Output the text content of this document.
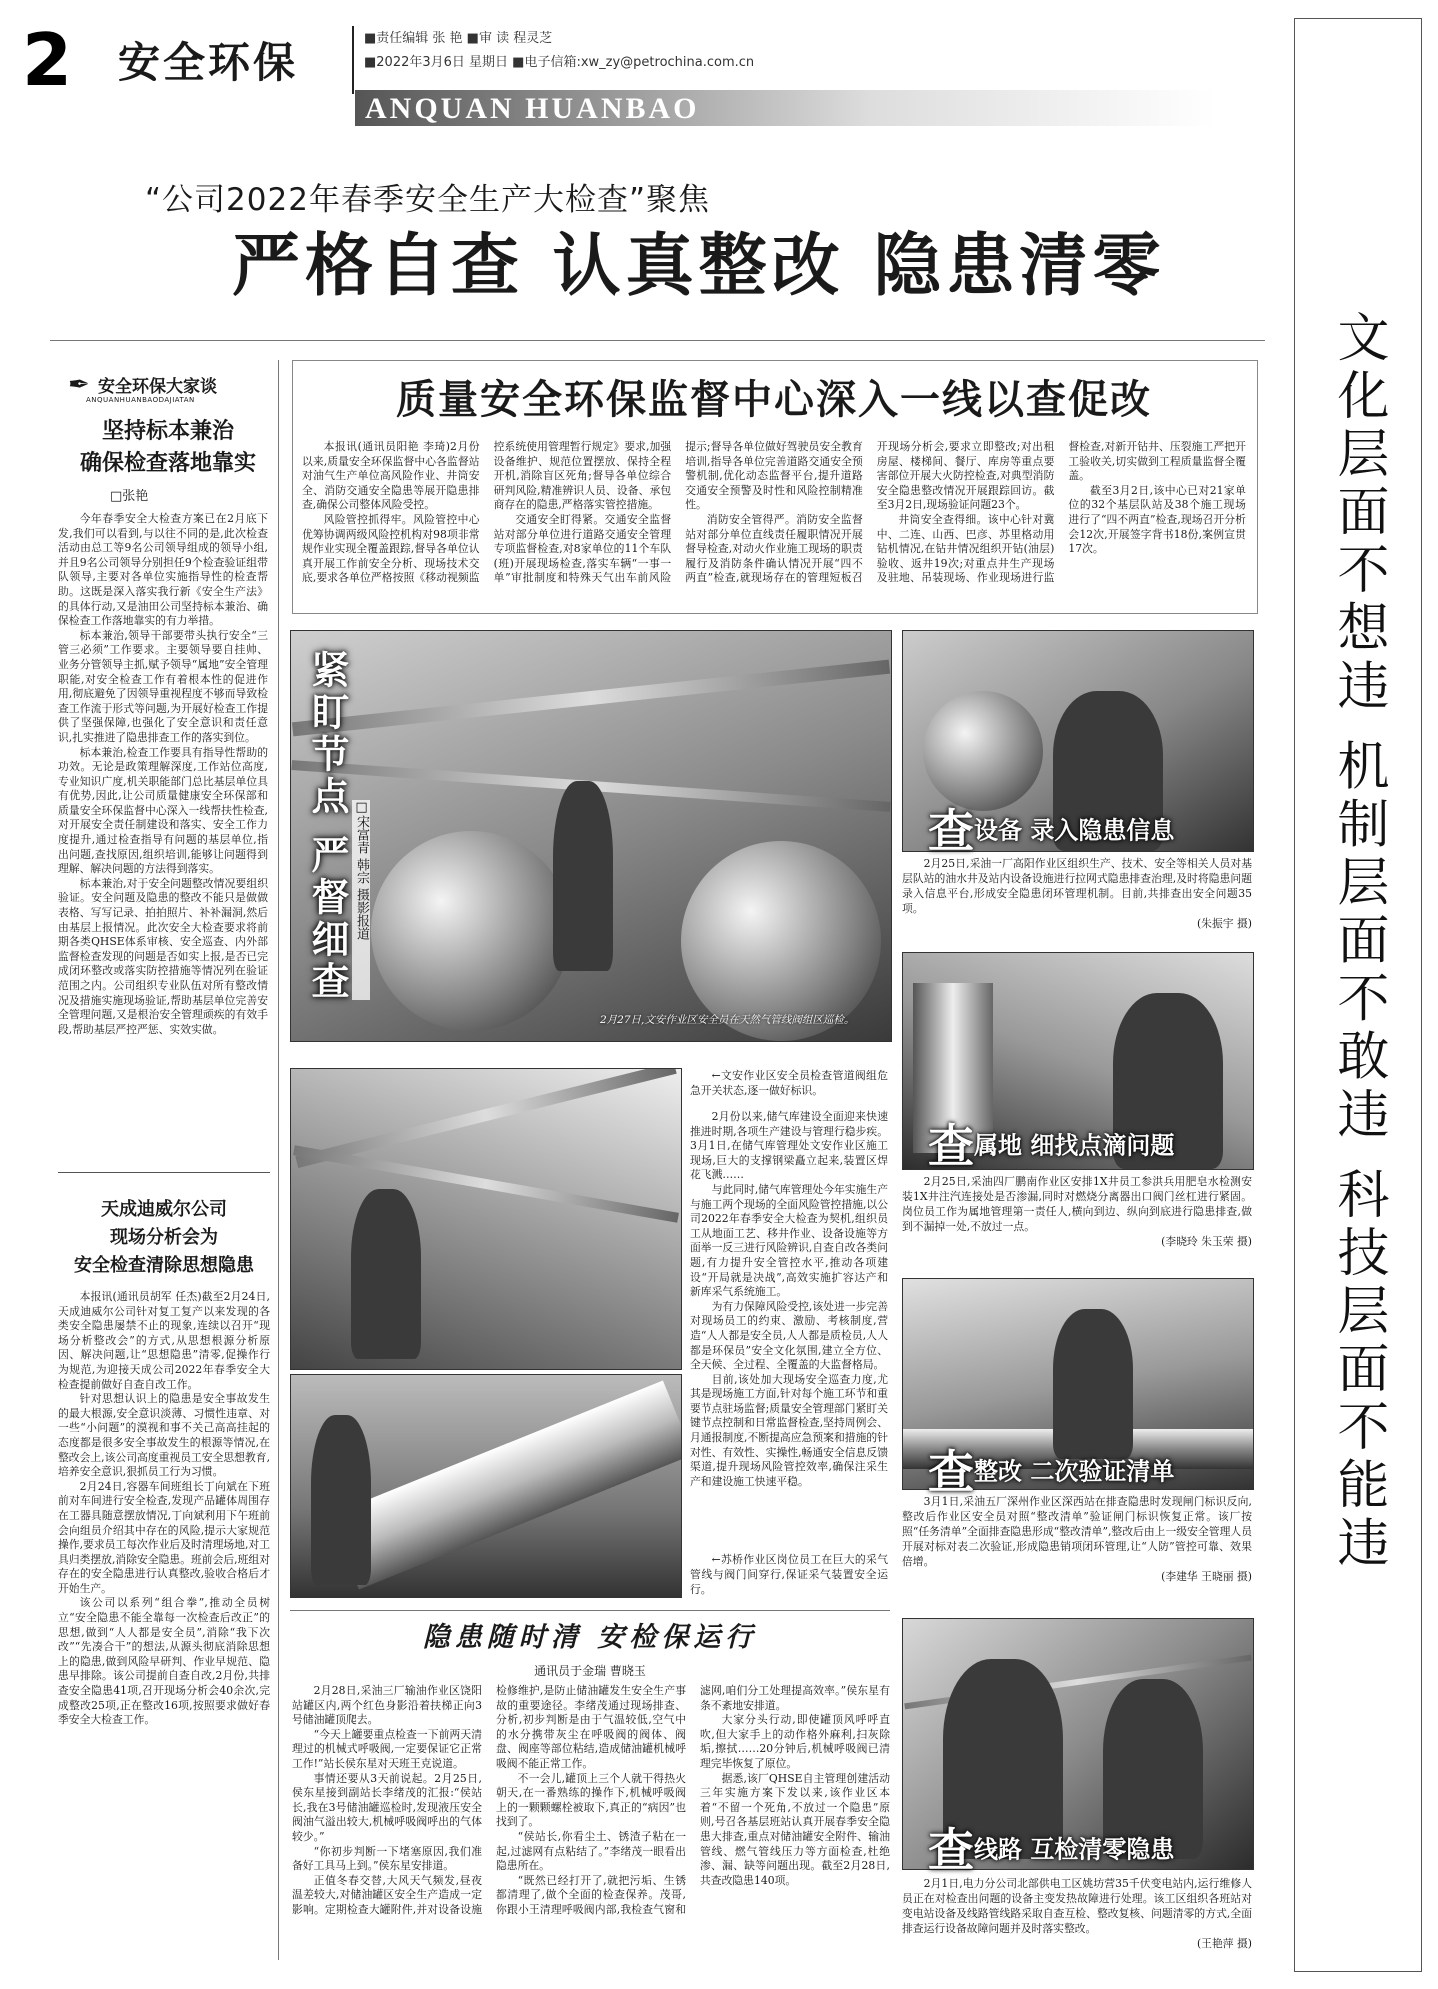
2 安全环保	■责任编辑 张 艳 ■审 读 程灵芝
■2022年3月6日 星期日 ■电子信箱:xw_zy@petrochina.com.cn
ANQUAN HUANBAO
文化层面不想违 机制层面不敢违 科技层面不能违
“公司2022年春季安全生产大检查”聚焦
严格自查 认真整改 隐患清零
✒ 安全环保大家谈
ANQUANHUANBAODAJIATAN
坚持标本兼治
确保检查落地靠实
□张艳

今年春季安全大检查方案已在2月底下发,我们可以看到,与以往不同的是,此次检查活动由总工等9名公司领导组成的领导小组,并且9名公司领导分别担任9个检查验证组带队领导,主要对各单位实施指导性的检查帮助。这既是深入落实我行新《安全生产法》的具体行动,又是油田公司坚持标本兼治、确保检查工作落地靠实的有力举措。

标本兼治,领导干部要带头执行安全“三管三必须”工作要求。主要领导要自挂帅、业务分管领导主抓,赋予领导“属地”安全管理职能,对安全检查工作有着根本性的促进作用,彻底避免了因领导重视程度不够而导致检查工作流于形式等问题,为开展好检查工作提供了坚强保障,也强化了安全意识和责任意识,扎实推进了隐患排查工作的落实到位。

标本兼治,检查工作要具有指导性帮助的功效。无论是政策理解深度,工作站位高度,专业知识广度,机关职能部门总比基层单位具有优势,因此,让公司质量健康安全环保部和质量安全环保监督中心深入一线帮扶性检查,对开展安全责任制建设和落实、安全工作力度提升,通过检查指导有问题的基层单位,指出问题,查找原因,组织培训,能够让问题得到理解、解决问题的方法得到落实。

标本兼治,对于安全问题整改情况要组织验证。安全问题及隐患的整改不能只是做做表格、写写记录、拍拍照片、补补漏洞,然后由基层上报情况。此次安全大检查要求将前期各类QHSE体系审核、安全巡查、内外部监督检查发现的问题是否如实上报,是否已完成闭环整改或落实防控措施等情况列在验证范围之内。公司组织专业队伍对所有整改情况及措施实施现场验证,帮助基层单位完善安全管理问题,又是根治安全管理顽疾的有效手段,帮助基层严控严惩、实效实做。

天成迪威尔公司
现场分析会为
安全检查清除思想隐患

本报讯(通讯员胡军 任杰)截至2月24日,天成迪威尔公司针对复工复产以来发现的各类安全隐患屡禁不止的现象,连续以召开“现场分析整改会”的方式,从思想根源分析原因、解决问题,让“思想隐患”清零,促操作行为规范,为迎接天成公司2022年春季安全大检查提前做好自查自改工作。

针对思想认识上的隐患是安全事故发生的最大根源,安全意识淡薄、习惯性违章、对一些“小问题”的漠视和事不关己高高挂起的态度都是很多安全事故发生的根源等情况,在整改会上,该公司高度重视员工安全思想教育,培养安全意识,狠抓员工行为习惯。

2月24日,容器车间班组长丁向斌在下班前对车间进行安全检查,发现产品罐体周围存在工器具随意摆放情况,丁向斌利用下午班前会向组员介绍其中存在的风险,提示大家规范操作,要求员工每次作业后及时清理场地,对工具归类摆放,消除安全隐患。班前会后,班组对存在的安全隐患进行认真整改,验收合格后才开始生产。

该公司以系列“组合拳”,推动全员树立“安全隐患不能全靠每一次检查后改正”的思想,做到“人人都是安全员”,消除“我下次改”“先凑合干”的想法,从源头彻底消除思想上的隐患,做到风险早研判、作业早规范、隐患早排除。该公司提前自查自改,2月份,共排查安全隐患41项,召开现场分析会40余次,完成整改25项,正在整改16项,按照要求做好春季安全大检查工作。

质量安全环保监督中心深入一线以查促改

本报讯(通讯员阳艳 李琦)2月份以来,质量安全环保监督中心各监督站对油气生产单位高风险作业、井筒安全、消防交通安全隐患等展开隐患排查,确保公司整体风险受控。

风险管控抓得牢。风险管控中心优筹协调两级风险控机构对98项非常规作业实现全覆盖跟踪,督导各单位认真开展工作前安全分析、现场技术交底,要求各单位严格按照《移动视频监控系统使用管理暂行规定》要求,加强设备维护、规范位置摆放、保持全程开机,消除盲区死角;督导各单位综合研判风险,精准辨识人员、设备、承包商存在的隐患,严格落实管控措施。

交通安全盯得紧。交通安全监督站对部分单位进行道路交通安全管理专项监督检查,对8家单位的11个车队(班)开展现场检查,落实车辆“一事一单”审批制度和特殊天气出车前风险提示;督导各单位做好驾驶员安全教育培训,指导各单位完善道路交通安全预警机制,优化动态监督平台,提升道路交通安全预警及时性和风险控制精准性。

消防安全管得严。消防安全监督站对部分单位直线责任履职情况开展督导检查,对动火作业施工现场的职责履行及消防条件确认情况开展“四不两直”检查,就现场存在的管理短板召开现场分析会,要求立即整改;对出租房屋、楼梯间、餐厅、库房等重点要害部位开展大火防控检查,对典型消防安全隐患整改情况开展跟踪回访。截至3月2日,现场验证问题23个。

井筒安全查得细。该中心针对冀中、二连、山西、巴彦、苏里格动用钻机情况,在钻井情况组织开钻(油层)验收、返井19次;对重点井生产现场及驻地、吊装现场、作业现场进行监督检查,对新开钻井、压裂施工严把开工验收关,切实做到工程质量监督全覆盖。

截至3月2日,该中心已对21家单位的32个基层队站及38个施工现场进行了“四不两直”检查,现场召开分析会12次,开展签字背书18份,案例宣贯17次。

紧盯节点 严督细查 □宋富青 韩宗 摄影报道
2月27日,文安作业区安全员在天然气管线阀组区巡检。

←文安作业区安全员检查管道阀组危急开关状态,逐一做好标识。

2月份以来,储气库建设全面迎来快速推进时期,各项生产建设与管理行稳步疾。3月1日,在储气库管理处文安作业区施工现场,巨大的支撑钢梁矗立起来,装置区焊花飞溅……

与此同时,储气库管理处今年实施生产与施工两个现场的全面风险管控措施,以公司2022年春季安全大检查为契机,组织员工从地面工艺、移井作业、设备设施等方面举一反三进行风险辨识,自查自改各类问题,有力提升安全管控水平,推动各项建设“开局就是决战”,高效实施扩容达产和新库采气系统施工。

为有力保障风险受控,该处进一步完善对现场员工的约束、激励、考核制度,营造“人人都是安全员,人人都是质检员,人人都是环保员”安全文化氛围,建立全方位、全天候、全过程、全覆盖的大监督格局。

目前,该处加大现场安全巡查力度,尤其是现场施工方面,针对每个施工环节和重要节点驻场监督;质量安全管理部门紧盯关键节点控制和日常监督检查,坚持周例会、月通报制度,不断提高应急预案和措施的针对性、有效性、实操性,畅通安全信息反馈渠道,提升现场风险管控效率,确保注采生产和建设施工快速平稳。

←苏桥作业区岗位员工在巨大的采气管线与阀门间穿行,保证采气装置安全运行。

隐患随时清 安检保运行
通讯员于金瑞 曹晓玉

2月28日,采油三厂输油作业区饶阳站罐区内,两个红色身影沿着扶梯正向3号储油罐顶爬去。

“今天上罐要重点检查一下前两天清理过的机械式呼吸阀,一定要保证它正常工作!”站长侯东星对天班王克说道。

事情还要从3天前说起。2月25日,侯东星接到副站长李绪茂的汇报:“侯站长,我在3号储油罐巡检时,发现液压安全阀油气溢出较大,机械呼吸阀呼出的气体较少。”

“你初步判断一下堵塞原因,我们准备好工具马上到。”侯东星安排道。

正值冬春交替,大风天气频发,昼夜温差较大,对储油罐区安全生产造成一定影响。定期检查大罐附件,并对设备设施检修维护,是防止储油罐发生安全生产事故的重要途径。李绪茂通过现场排查、分析,初步判断是由于气温较低,空气中的水分携带灰尘在呼吸阀的阀体、阀盘、阀座等部位粘结,造成储油罐机械呼吸阀不能正常工作。

不一会儿,罐顶上三个人就干得热火朝天,在一番熟练的操作下,机械呼吸阀上的一颗颗螺栓被取下,真正的“病因”也找到了。

“侯站长,你看尘土、锈渣子粘在一起,过滤网有点粘结了。”李绪茂一眼看出隐患所在。

“既然已经打开了,就把污垢、生锈都清理了,做个全面的检查保养。茂哥,你跟小王清理呼吸阀内部,我检查气窗和滤网,咱们分工处理提高效率。”侯东星有条不紊地安排道。

大家分头行动,即使罐顶风呼呼直吹,但大家手上的动作格外麻利,扫灰除垢,擦拭……20分钟后,机械呼吸阀已清理完毕恢复了原位。

据悉,该厂QHSE自主管理创建活动三年实施方案下发以来,该作业区本着“不留一个死角,不放过一个隐患”原则,号召各基层班站认真开展春季安全隐患大排查,重点对储油罐安全附件、输油管线、燃气管线压力等方面检查,杜绝渗、漏、缺等问题出现。截至2月28日,共查改隐患140项。

查设备 录入隐患信息

2月25日,采油一厂高阳作业区组织生产、技术、安全等相关人员对基层队站的油水井及站内设备设施进行拉网式隐患排查治理,及时将隐患问题录入信息平台,形成安全隐患闭环管理机制。目前,共排查出安全问题35项。

(朱振宇 摄)
查属地 细找点滴问题

2月25日,采油四厂鹏南作业区安排1X井员工参洪兵用肥皂水检测安装1X井注汽连接处是否渗漏,同时对燃烧分离器出口阀门丝杠进行紧固。岗位员工作为属地管理第一责任人,横向到边、纵向到底进行隐患排查,做到不漏掉一处,不放过一点。

(李晓玲 朱玉荣 摄)
查整改 二次验证清单

3月1日,采油五厂深州作业区深西站在排查隐患时发现闸门标识反向,整改后作业区安全员对照“整改清单”验证闸门标识恢复正常。该厂按照“任务清单”全面排查隐患形成“整改清单”,整改后由上一级安全管理人员开展对标对表二次验证,形成隐患销项闭环管理,让“人防”管控可靠、效果倍增。

(李建华 王晓丽 摄)
查线路 互检清零隐患

2月1日,电力分公司北部供电工区姚坊营35千伏变电站内,运行维修人员正在对检查出问题的设备主变发热故障进行处理。该工区组织各班站对变电站设备及线路管线路采取自查互检、整改复核、问题清零的方式,全面排查运行设备故障问题并及时落实整改。

(王艳萍 摄)
